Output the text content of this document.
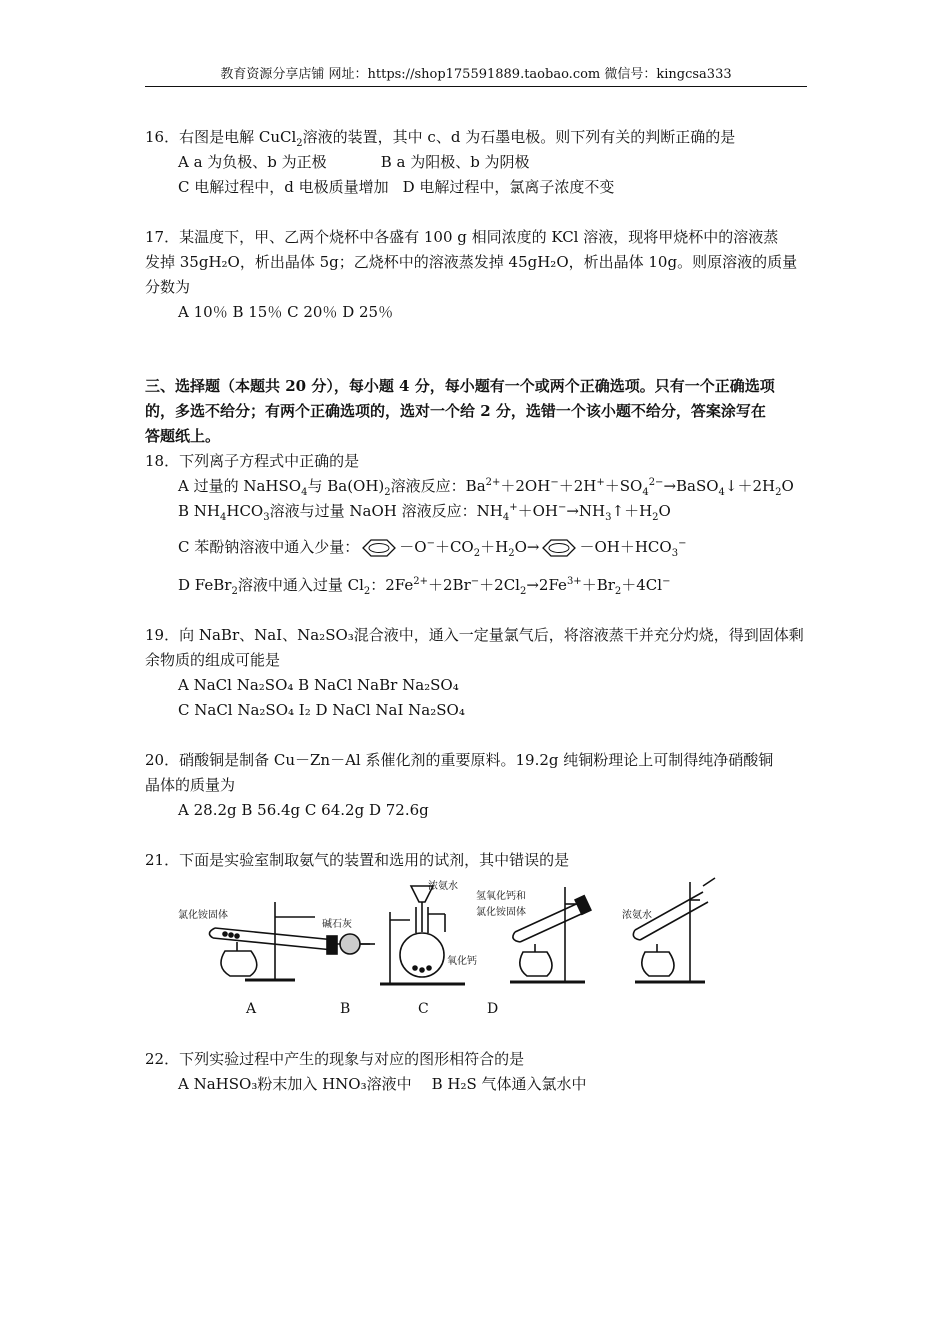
教育资源分享店铺 网址：https://shop175591889.taobao.com 微信号：kingcsa333
16．右图是电解 CuCl$_2$溶液的装置，其中 c、d 为石墨电极。则下列有关的判断正确的是
A a 为负极、b 为正极	B a 为阳极、b 为阴极
C 电解过程中，d 电极质量增加 D 电解过程中，氯离子浓度不变
17．某温度下，甲、乙两个烧杯中各盛有 100 g 相同浓度的 KCl 溶液，现将甲烧杯中的溶液蒸
发掉 35gH₂O，析出晶体 5g；乙烧杯中的溶液蒸发掉 45gH₂O，析出晶体 10g。则原溶液的质量
分数为
A 10％ B 15％ C 20％ D 25％
三、选择题（本题共 20 分），每小题 4 分，每小题有一个或两个正确选项。只有一个正确选项
的，多选不给分；有两个正确选项的，选对一个给 2 分，选错一个该小题不给分，答案涂写在
答题纸上。
18．下列离子方程式中正确的是
A 过量的 NaHSO$_4$与 $Ba(OH)_2$溶液反应：$Ba^{2+}+2OH^-+2H^++SO_4^{2-}\to BaSO_4↓+2H_2O$
B $NH_4HCO_3$溶液与过量 NaOH 溶液反应：$NH_4^++OH^-\to NH_3↑+H_2O$
C 苯酚钠溶液中通入少量：	$-O^-+CO_2+H_2O\to$	$-OH+HCO_3^-$
D FeBr$_2$溶液中通入过量 $Cl_2$：$2Fe^{2+}+2Br^-+2Cl_2\to 2Fe^{3+}+Br_2+4Cl^-$
19．向 NaBr、NaI、Na₂SO₃混合液中，通入一定量氯气后，将溶液蒸干并充分灼烧，得到固体剩
余物质的组成可能是
A NaCl Na₂SO₄ B NaCl NaBr Na₂SO₄
C NaCl Na₂SO₄ I₂ D NaCl NaI Na₂SO₄
20．硝酸铜是制备 Cu－Zn－Al 系催化剂的重要原料。19.2g 纯铜粉理论上可制得纯净硝酸铜
晶体的质量为
A 28.2g B 56.4g C 64.2g D 72.6g
21．下面是实验室制取氨气的装置和选用的试剂，其中错误的是
氯化铵固体
碱石灰
浓氨水
氧化钙
氢氧化钙和
氯化铵固体	浓氨水
A	B	C	D
22．下列实验过程中产生的现象与对应的图形相符合的是
A NaHSO₃粉末加入 HNO₃溶液中 B H₂S 气体通入氯水中
